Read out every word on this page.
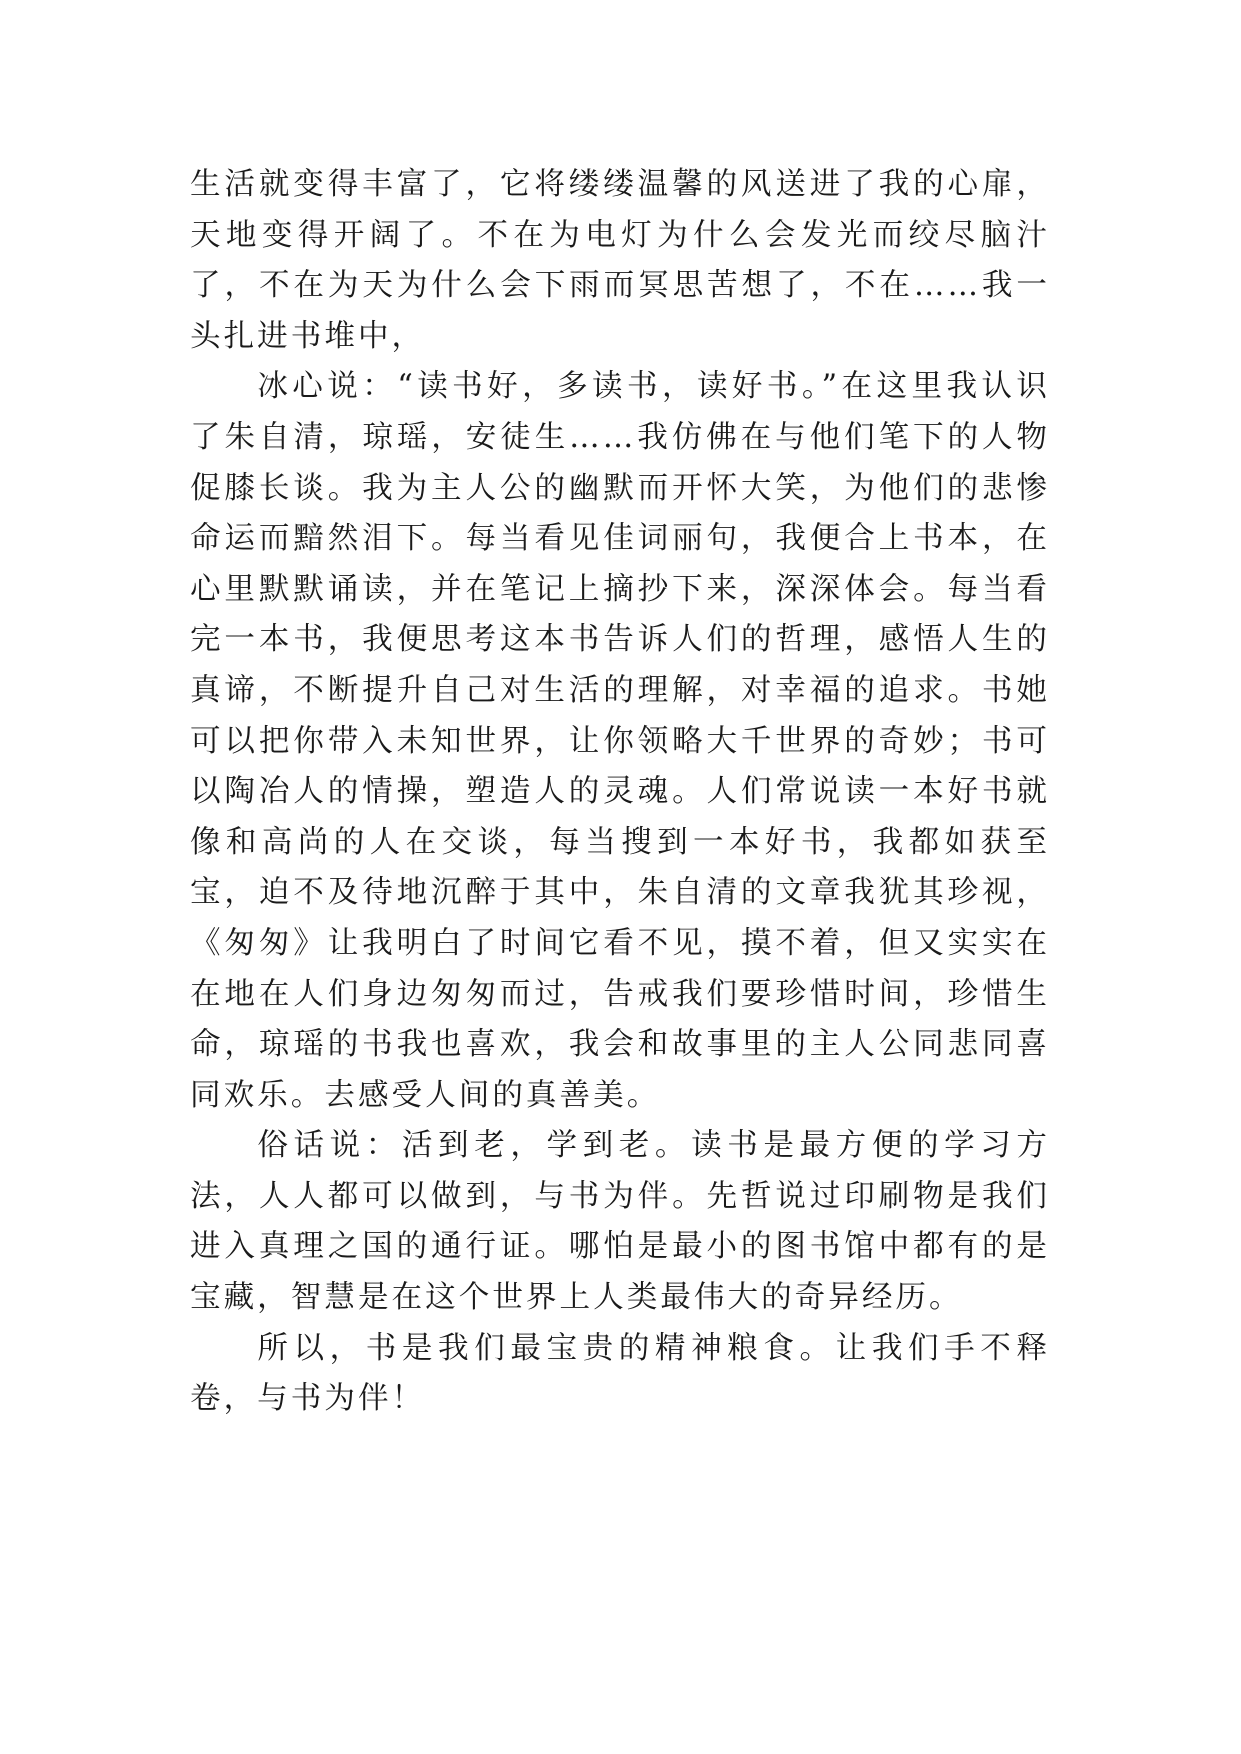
生活就变得丰富了，它将缕缕温馨的风送进了我的心扉，天地变得开阔了。不在为电灯为什么会发光而绞尽脑汁了，不在为天为什么会下雨而冥思苦想了，不在……我一头扎进书堆中，

冰心说：“读书好，多读书，读好书。”在这里我认识了朱自清，琼瑶，安徒生……我仿佛在与他们笔下的人物促膝长谈。我为主人公的幽默而开怀大笑，为他们的悲惨命运而黯然泪下。每当看见佳词丽句，我便合上书本，在心里默默诵读，并在笔记上摘抄下来，深深体会。每当看完一本书，我便思考这本书告诉人们的哲理，感悟人生的真谛，不断提升自己对生活的理解，对幸福的追求。书她可以把你带入未知世界，让你领略大千世界的奇妙；书可以陶冶人的情操，塑造人的灵魂。人们常说读一本好书就像和高尚的人在交谈，每当搜到一本好书，我都如获至宝，迫不及待地沉醉于其中，朱自清的文章我犹其珍视，《匆匆》让我明白了时间它看不见，摸不着，但又实实在在地在人们身边匆匆而过，告戒我们要珍惜时间，珍惜生命，琼瑶的书我也喜欢，我会和故事里的主人公同悲同喜同欢乐。去感受人间的真善美。

俗话说：活到老，学到老。读书是最方便的学习方法，人人都可以做到，与书为伴。先哲说过印刷物是我们进入真理之国的通行证。哪怕是最小的图书馆中都有的是宝藏，智慧是在这个世界上人类最伟大的奇异经历。

所以，书是我们最宝贵的精神粮食。让我们手不释卷，与书为伴！
